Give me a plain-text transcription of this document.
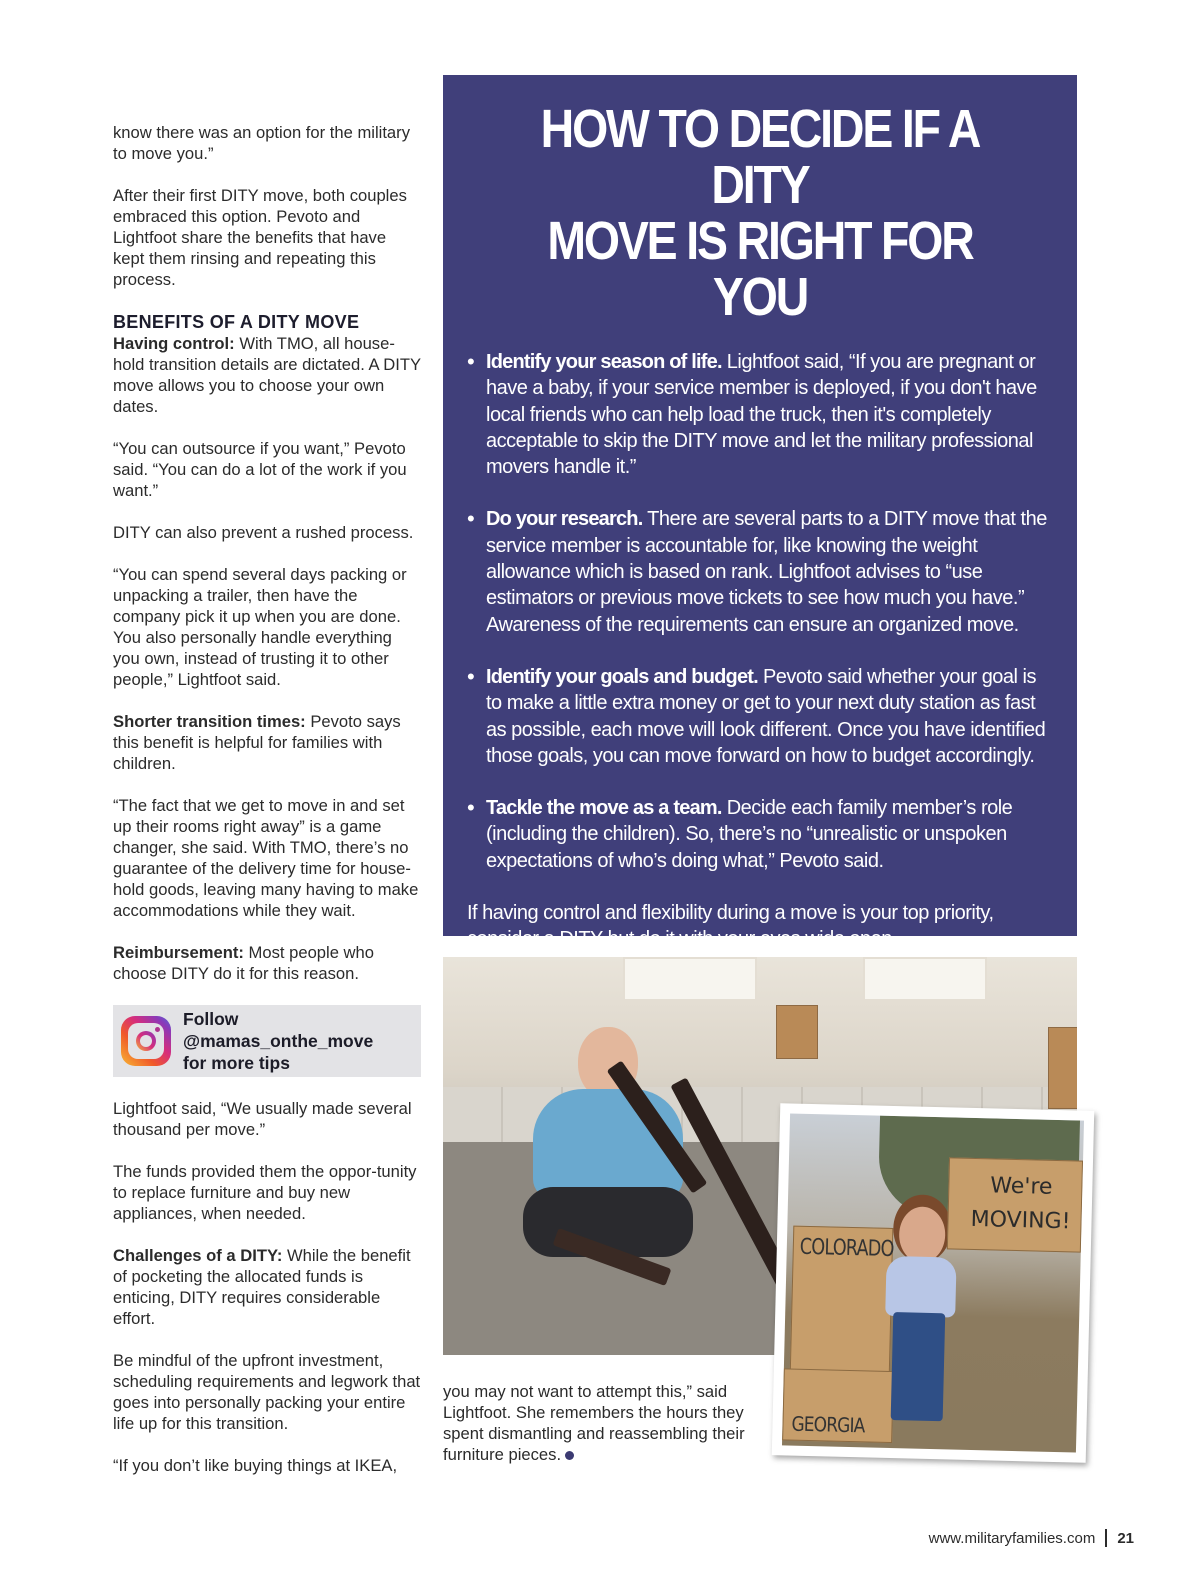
know there was an option for the military to move you.”

After their first DITY move, both couples embraced this option. Pevoto and Lightfoot share the benefits that have kept them rinsing and repeating this process.

BENEFITS OF A DITY MOVE

Having control: With TMO, all house-hold transition details are dictated. A DITY move allows you to choose your own dates.

“You can outsource if you want,” Pevoto said. “You can do a lot of the work if you want.”

DITY can also prevent a rushed process.

“You can spend several days packing or unpacking a trailer, then have the company pick it up when you are done. You also personally handle everything you own, instead of trusting it to other people,” Lightfoot said.

Shorter transition times: Pevoto says this benefit is helpful for families with children.

“The fact that we get to move in and set up their rooms right away” is a game changer, she said. With TMO, there’s no guarantee of the delivery time for house-hold goods, leaving many having to make accommodations while they wait.

Reimbursement: Most people who choose DITY do it for this reason.

Follow @mamas_onthe_move
for more tips

Lightfoot said, “We usually made several thousand per move.”

The funds provided them the oppor-tunity to replace furniture and buy new appliances, when needed.

Challenges of a DITY: While the benefit of pocketing the allocated funds is enticing, DITY requires considerable effort.

Be mindful of the upfront investment, scheduling requirements and legwork that goes into personally packing your entire life up for this transition.

“If you don’t like buying things at IKEA,

HOW TO DECIDE IF A DITY
MOVE IS RIGHT FOR YOU
• Identify your season of life. Lightfoot said, “If you are pregnant or have a baby, if your service member is deployed, if you don't have local friends who can help load the truck, then it's completely acceptable to skip the DITY move and let the military professional movers handle it.”
• Do your research. There are several parts to a DITY move that the service member is accountable for, like knowing the weight allowance which is based on rank. Lightfoot advises to “use estimators or previous move tickets to see how much you have.” Awareness of the requirements can ensure an organized move.
• Identify your goals and budget. Pevoto said whether your goal is to make a little extra money or get to your next duty station as fast as possible, each move will look different. Once you have identified those goals, you can move forward on how to budget accordingly.
• Tackle the move as a team. Decide each family member’s role (including the children). So, there’s no “unrealistic or unspoken expectations of who’s doing what,” Pevoto said.

If having control and flexibility during a move is your top priority, consider a DITY but do it with your eyes wide open.

COLORADO
GEORGIA
We're
MOVING!
you may not want to attempt this,” said Lightfoot. She remembers the hours they spent dismantling and reassembling their furniture pieces.
www.militaryfamilies.com 21
